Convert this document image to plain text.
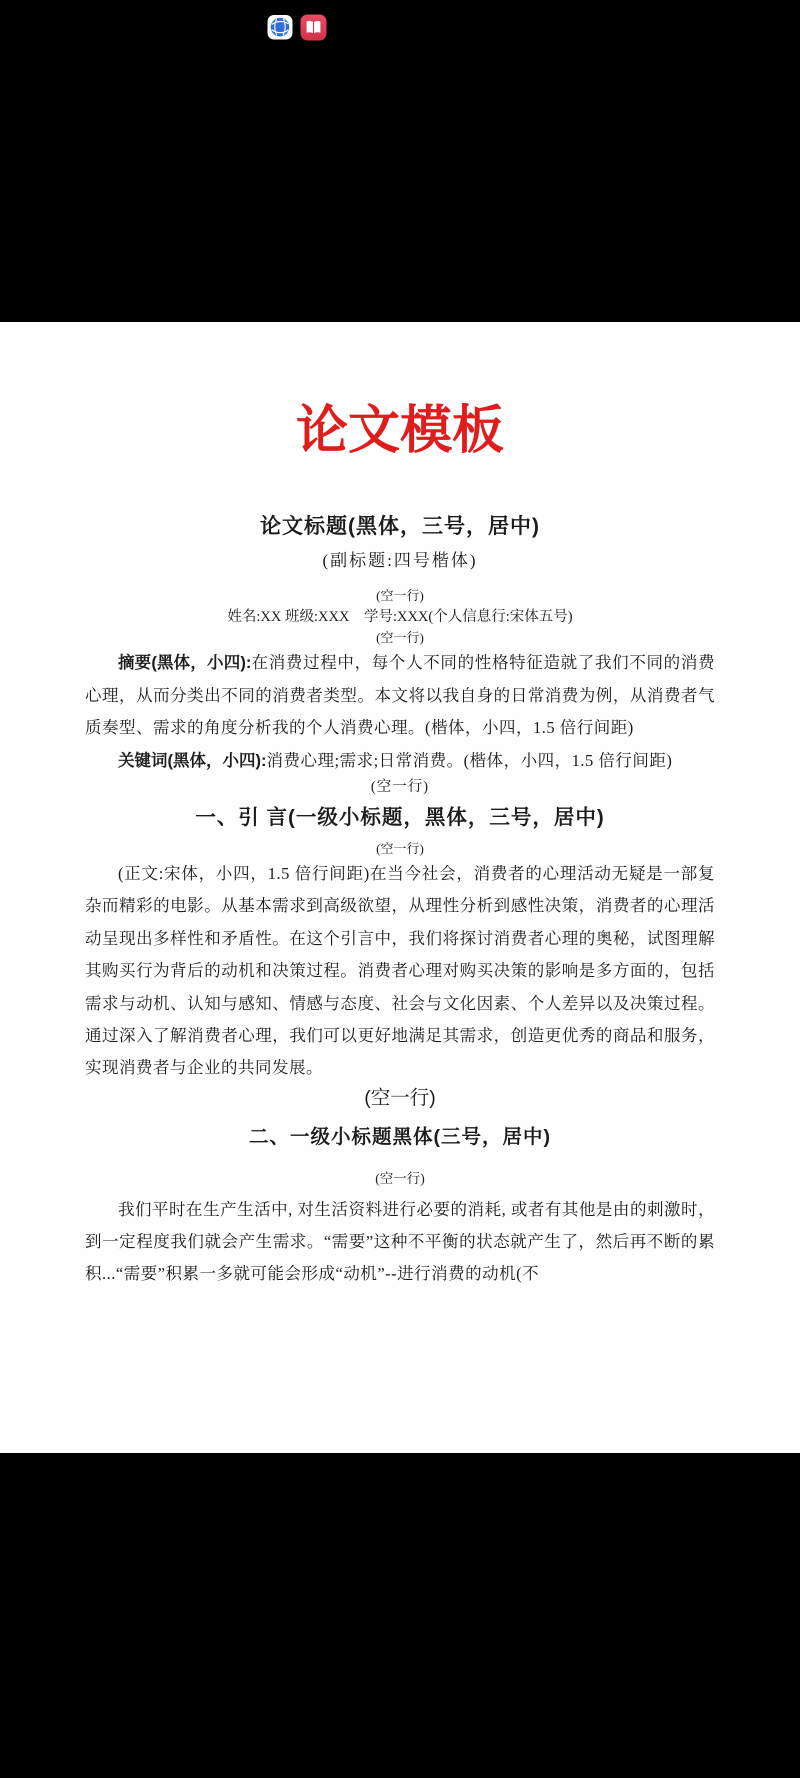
论文模板

论文标题(黑体，三号，居中)

(副标题:四号楷体)

(空一行)

姓名:XX 班级:XXX　学号:XXX(个人信息行:宋体五号)

(空一行)

摘要(黑体，小四):在消费过程中，每个人不同的性格特征造就了我们不同的消费心理，从而分类出不同的消费者类型。本文将以我自身的日常消费为例，从消费者气质奏型、需求的角度分析我的个人消费心理。(楷体，小四，1.5 倍行间距)

关键词(黑体，小四):消费心理;需求;日常消费。(楷体，小四，1.5 倍行间距)

(空一行)

一、引 言(一级小标题，黑体，三号，居中)

(空一行)

(正文:宋体，小四，1.5 倍行间距)在当今社会，消费者的心理活动无疑是一部复杂而精彩的电影。从基本需求到高级欲望，从理性分析到感性决策，消费者的心理活动呈现出多样性和矛盾性。在这个引言中，我们将探讨消费者心理的奥秘，试图理解其购买行为背后的动机和决策过程。消费者心理对购买决策的影响是多方面的，包括需求与动机、认知与感知、情感与态度、社会与文化因素、个人差异以及决策过程。通过深入了解消费者心理，我们可以更好地满足其需求，创造更优秀的商品和服务，实现消费者与企业的共同发展。

(空一行)

二、一级小标题黑体(三号，居中)

(空一行)

我们平时在生产生活中, 对生活资料进行必要的消耗, 或者有其他是由的刺激时，到一定程度我们就会产生需求。“需要”这种不平衡的状态就产生了，然后再不断的累积...“需要”积累一多就可能会形成“动机”--进行消费的动机(不
